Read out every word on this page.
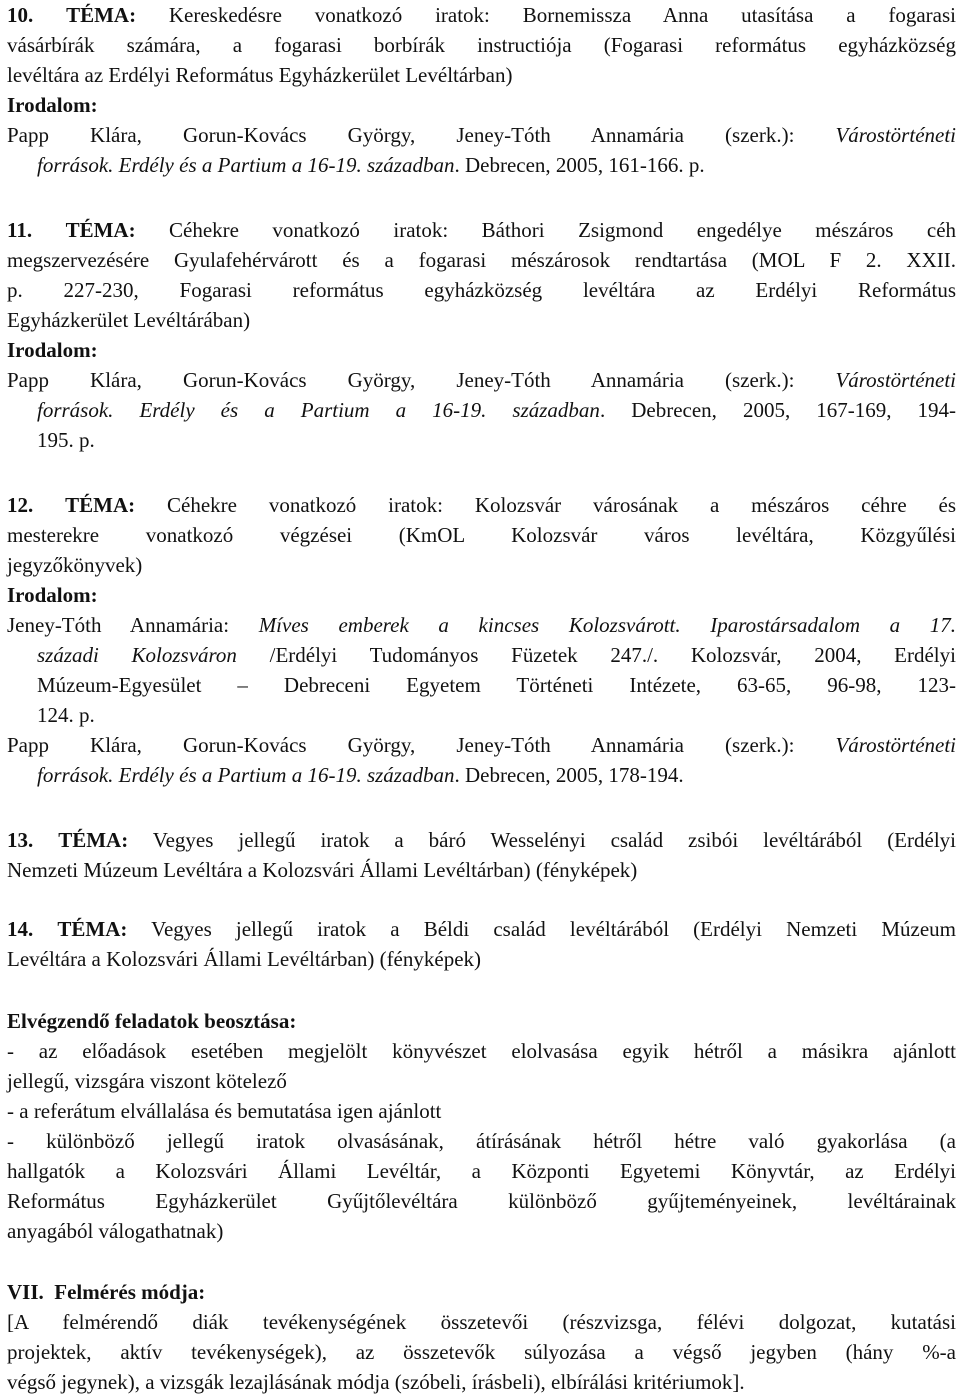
10. TÉMA: Kereskedésre vonatkozó iratok: Bornemissza Anna utasítása a fogarasi

vásárbírák számára, a fogarasi borbírák instructiója (Fogarasi református egyházközség

levéltára az Erdélyi Református Egyházkerület Levéltárban)

Irodalom:

Papp Klára, Gorun-Kovács György, Jeney-Tóth Annamária (szerk.): Várostörténeti

források. Erdély és a Partium a 16-19. században. Debrecen, 2005, 161-166. p.

11. TÉMA: Céhekre vonatkozó iratok: Báthori Zsigmond engedélye mészáros céh

megszervezésére Gyulafehérvárott és a fogarasi mészárosok rendtartása (MOL F 2. XXII.

p. 227-230, Fogarasi református egyházközség levéltára az Erdélyi Református

Egyházkerület Levéltárában)

Irodalom:

Papp Klára, Gorun-Kovács György, Jeney-Tóth Annamária (szerk.): Várostörténeti

források. Erdély és a Partium a 16-19. században. Debrecen, 2005, 167-169, 194-

195. p.

12. TÉMA: Céhekre vonatkozó iratok: Kolozsvár városának a mészáros céhre és

mesterekre vonatkozó végzései (KmOL Kolozsvár város levéltára, Közgyűlési

jegyzőkönyvek)

Irodalom:

Jeney-Tóth Annamária: Míves emberek a kincses Kolozsvárott. Iparostársadalom a 17.

századi Kolozsváron /Erdélyi Tudományos Füzetek 247./. Kolozsvár, 2004, Erdélyi

Múzeum-Egyesület – Debreceni Egyetem Történeti Intézete, 63-65, 96-98, 123-

124. p.

Papp Klára, Gorun-Kovács György, Jeney-Tóth Annamária (szerk.): Várostörténeti

források. Erdély és a Partium a 16-19. században. Debrecen, 2005, 178-194.

13. TÉMA: Vegyes jellegű iratok a báró Wesselényi család zsibói levéltárából (Erdélyi

Nemzeti Múzeum Levéltára a Kolozsvári Állami Levéltárban) (fényképek)

14. TÉMA: Vegyes jellegű iratok a Béldi család levéltárából (Erdélyi Nemzeti Múzeum

Levéltára a Kolozsvári Állami Levéltárban) (fényképek)

Elvégzendő feladatok beosztása:

- az előadások esetében megjelölt könyvészet elolvasása egyik hétről a másikra ajánlott

jellegű, vizsgára viszont kötelező

- a referátum elvállalása és bemutatása igen ajánlott

- különböző jellegű iratok olvasásának, átírásának hétről hétre való gyakorlása (a

hallgatók a Kolozsvári Állami Levéltár, a Központi Egyetemi Könyvtár, az Erdélyi

Református Egyházkerület Gyűjtőlevéltára különböző gyűjteményeinek, levéltárainak

anyagából válogathatnak)

VII. Felmérés módja:

[A felmérendő diák tevékenységének összetevői (részvizsga, félévi dolgozat, kutatási

projektek, aktív tevékenységek), az összetevők súlyozása a végső jegyben (hány %-a

végső jegynek), a vizsgák lezajlásának módja (szóbeli, írásbeli), elbírálási kritériumok].
